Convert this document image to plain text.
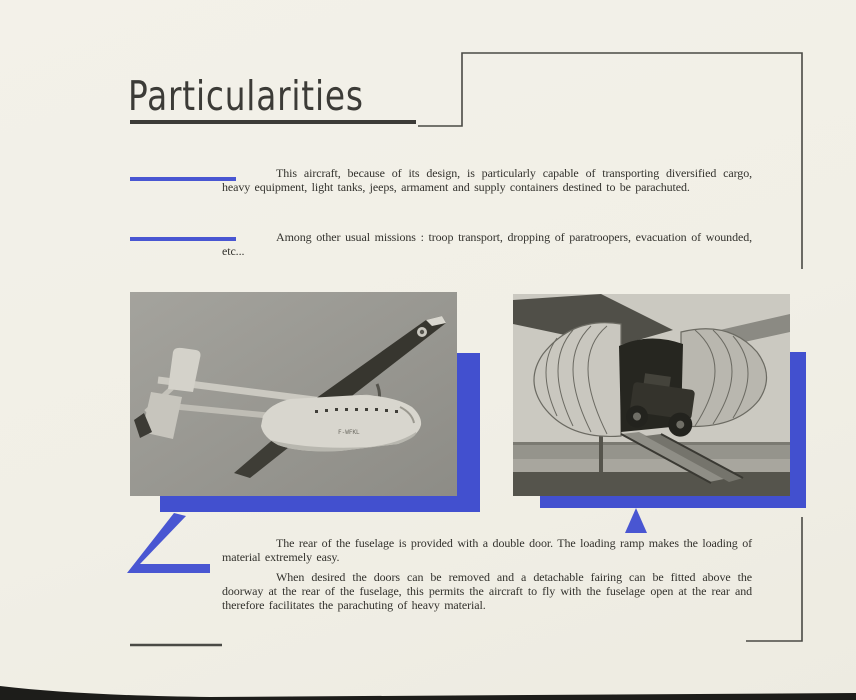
Particularities

This aircraft, because of its design, is particularly capable of transporting diversified cargo, heavy equipment, light tanks, jeeps, armament and supply containers destined to be parachuted.

Among other usual missions : troop transport, dropping of paratroopers, evacuation of wounded, etc...

F-WFKL

The rear of the fuselage is provided with a double door. The loading ramp makes the loading of material extremely easy.

When desired the doors can be removed and a detachable fairing can be fitted above the doorway at the rear of the fuselage, this permits the aircraft to fly with the fuselage open at the rear and therefore facilitates the parachuting of heavy material.
